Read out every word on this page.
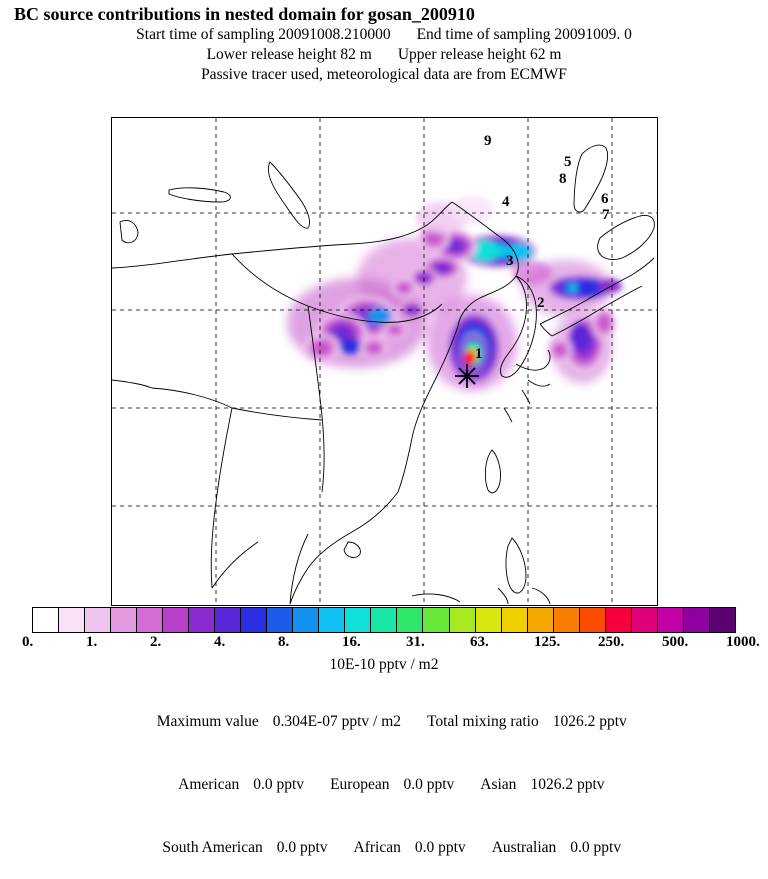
BC source contributions in nested domain for gosan_200910
Start time of sampling 20091008.210000 End time of sampling 20091009. 0
Lower release height 82 m Upper release height 62 m
Passive tracer used, meteorological data are from ECMWF
9
4
5
8
6
7
3
2
1
0.	1.	2.	4.	8.	16.	31.	63.	125.	250.	500.	1000.
10E-10 pptv / m2

Maximum value 0.304E-07 pptv / m2 Total mixing ratio 1026.2 pptv

American 0.0 pptv European 0.0 pptv Asian 1026.2 pptv

South American 0.0 pptv African 0.0 pptv Australian 0.0 pptv
